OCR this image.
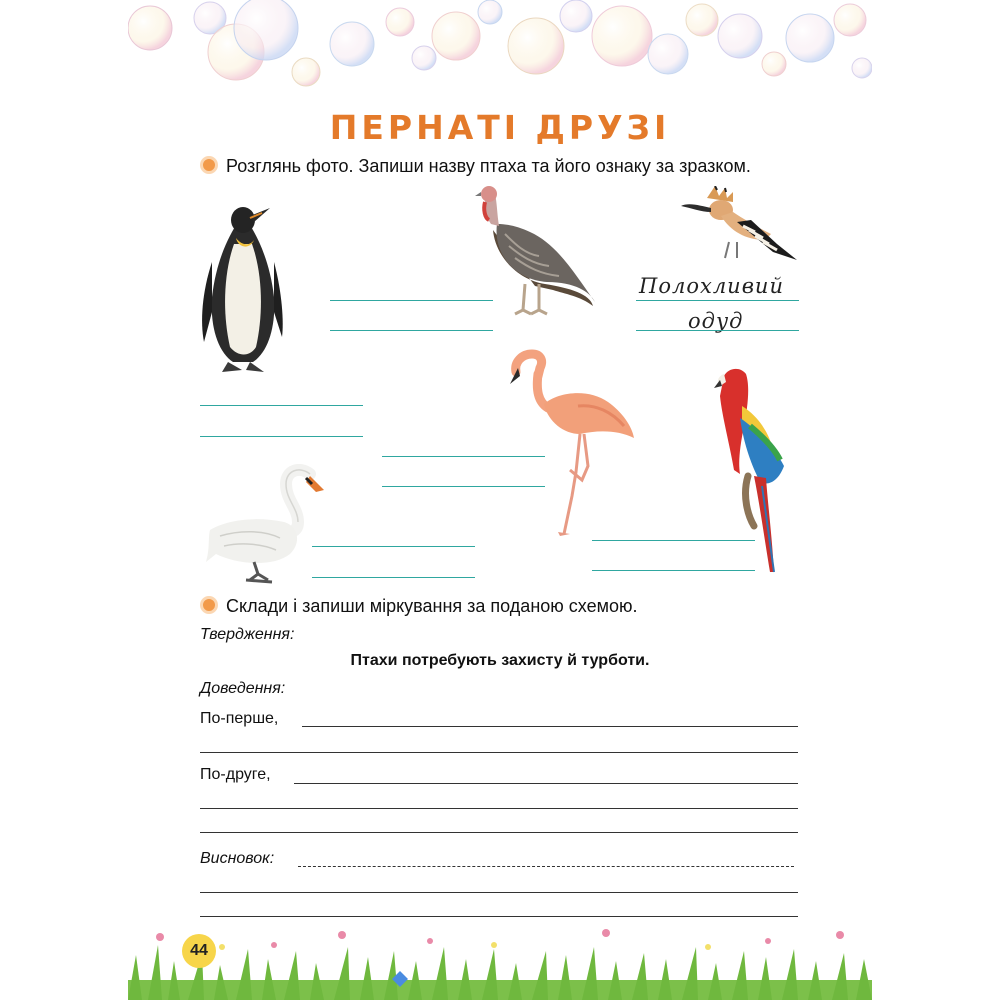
ПЕРНАТІ ДРУЗІ
Розглянь фото. Запиши назву птаха та його ознаку за зразком.
Полохливий
одуд
Склади і запиши міркування за поданою схемою.
Твердження:
Птахи потребують захисту й турботи.
Доведення:
По-перше,
По-друге,
Висновок:
44
